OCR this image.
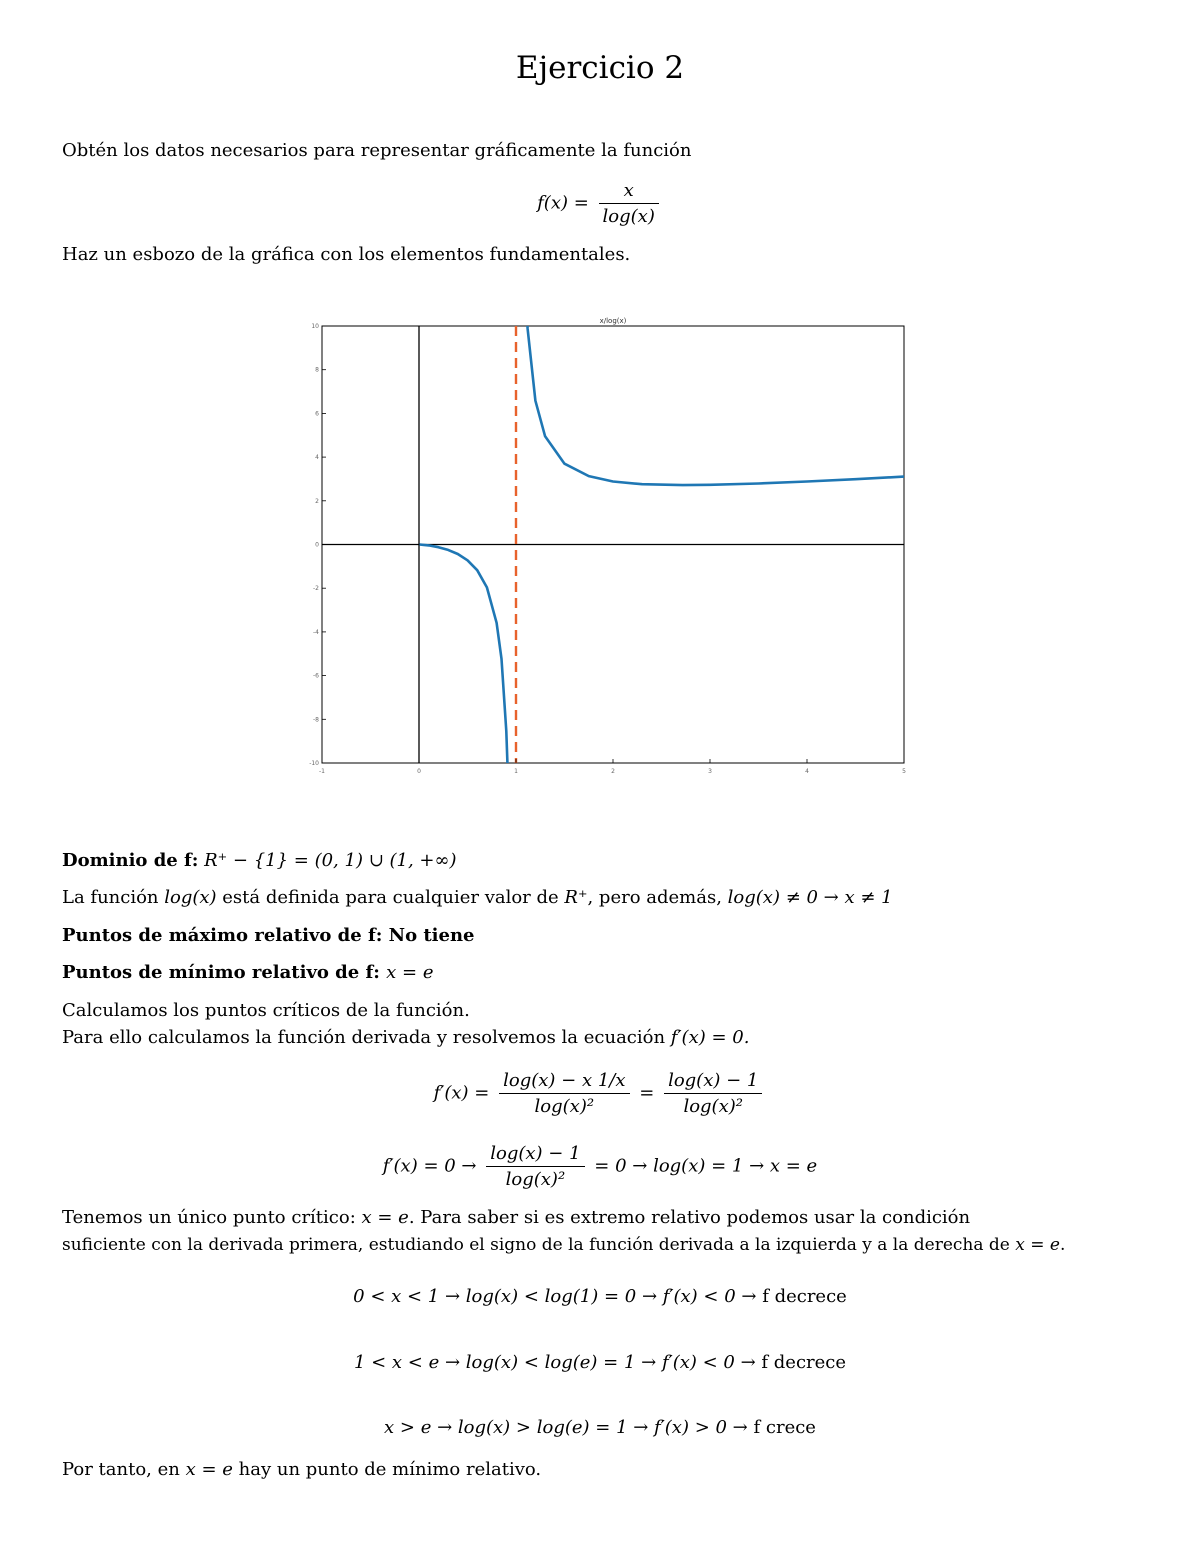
Ejercicio 2
Obtén los datos necesarios para representar gráficamente la función
$f(x) = \frac{x}{\log(x)}$
Haz un esbozo de la gráfica con los elementos fundamentales.
-1	0	1	2	3	4	5
10
8
6
4
2
0
-2
-4
-6
-8
-10
x/log(x)
Dominio de f: R⁺ − {1} = (0, 1) ∪ (1, +∞)
La función log(x) está definida para cualquier valor de R⁺, pero además, log(x) ≠ 0 → x ≠ 1
Puntos de máximo relativo de f: No tiene
Puntos de mínimo relativo de f: x = e
Calculamos los puntos críticos de la función.
Para ello calculamos la función derivada y resolvemos la ecuación f′(x) = 0.
$f'(x) = \frac{\log(x) - x 1/x}{\text{log(x)²}} = \frac{\log(x) - 1}{\text{log(x)²}}$
$f'(x) = 0 \to \frac{\log(x) - 1}{\text{log(x)²}} = 0 \to \log(x) = 1 \to x = e$
Tenemos un único punto crítico: x = e. Para saber si es extremo relativo podemos usar la condición
suficiente con la derivada primera, estudiando el signo de la función derivada a la izquierda y a la derecha de x = e.
0 < x < 1 → log(x) < log(1) = 0 → f′(x) < 0 → f decrece
1 < x < e → log(x) < log(e) = 1 → f′(x) < 0 → f decrece
x > e → log(x) > log(e) = 1 → f′(x) > 0 → f crece
Por tanto, en x = e hay un punto de mínimo relativo.
